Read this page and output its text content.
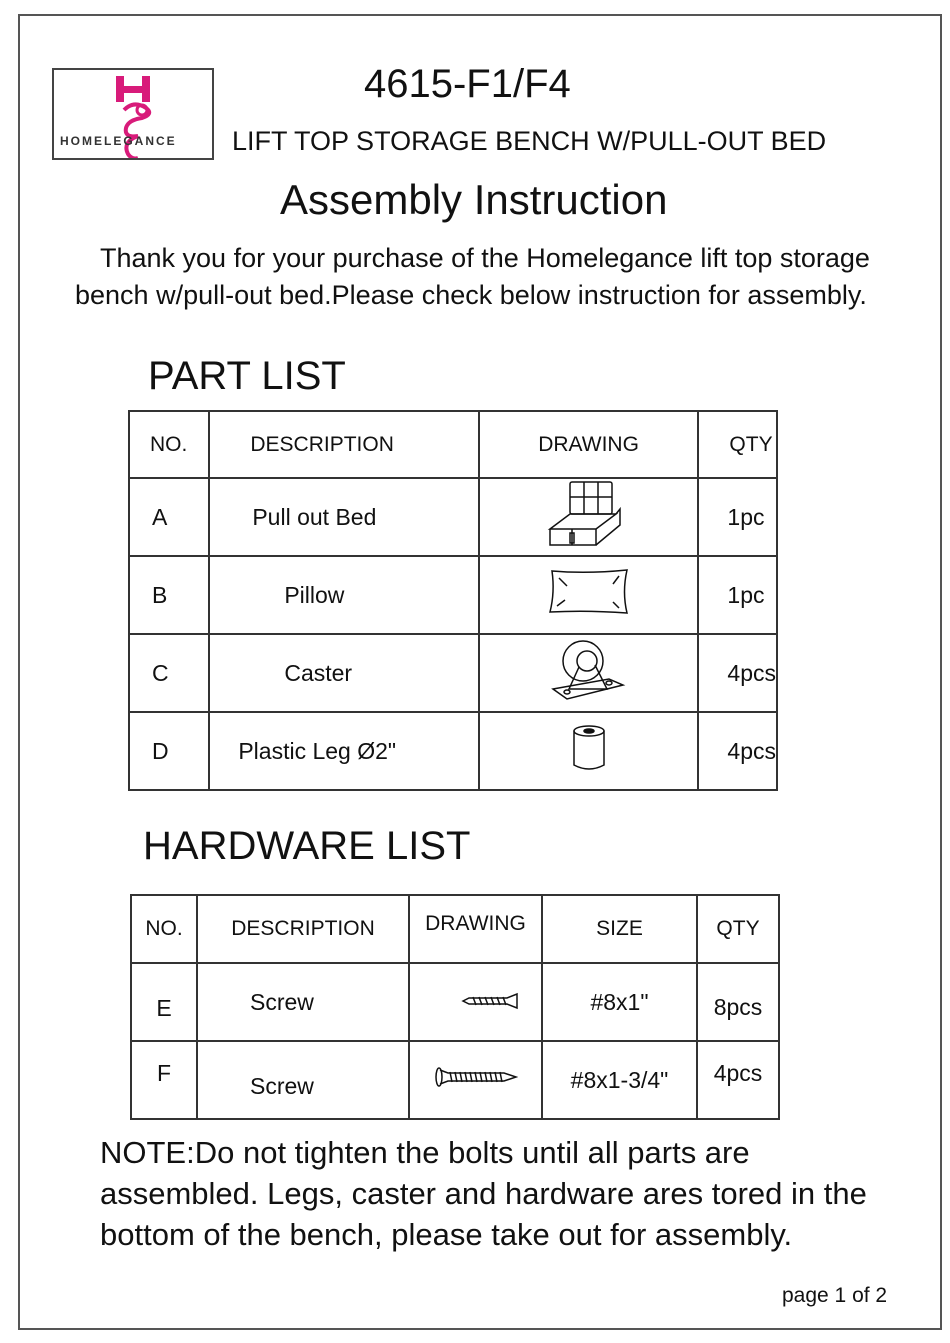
HOMELEGANCE
4615-F1/F4
LIFT TOP STORAGE BENCH W/PULL-OUT BED
Assembly Instruction
Thank you for your purchase of the Homelegance lift top storage bench w/pull-out bed.Please check below instruction for assembly.
PART LIST
NO.	DESCRIPTION	DRAWING	QTY
A	Pull out Bed		1pc
B	Pillow		1pc
C	Caster		4pcs
D	Plastic Leg Ø2"		4pcs
HARDWARE LIST
NO.	DESCRIPTION	DRAWING	SIZE	QTY
E	Screw		#8x1"	8pcs
F	Screw		#8x1-3/4"	4pcs
NOTE:Do not tighten the bolts until all parts are assembled. Legs, caster and hardware ares tored in the bottom of the bench, please take out for assembly.
page 1 of 2
